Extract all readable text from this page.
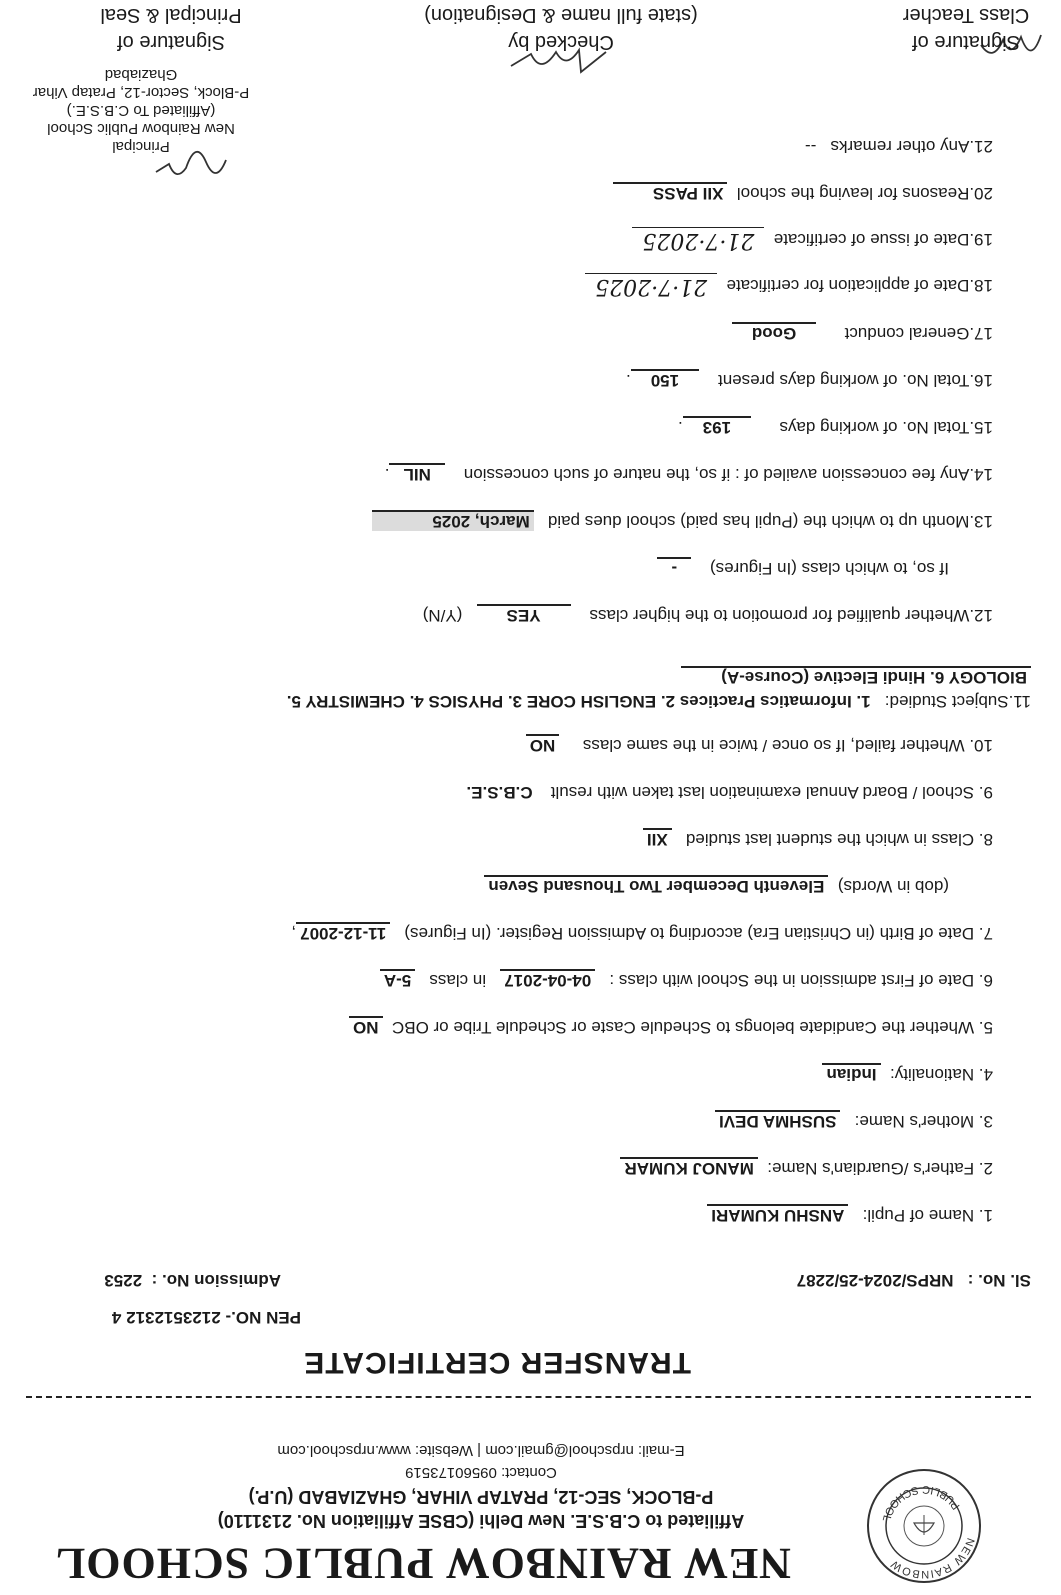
NEW RAINBOW
PUBLIC SCHOOL
NEW RAINBOW PUBLIC SCHOOL
Affiliated to C.B.S.E. New Delhi (CBSE Affiliation No. 2131110)
P-BLOCK, SEC-12, PRATAP VIHAR, GHAZIABAD (U.P.)
Contact: 09560173519
E-mail: nrpschool@gmail.com | Website: www.nrpschool.com
TRANSFER CERTIFICATE
PEN NO.- 2123512312 4
Sl. No. :   NRPS/2024-25/2287
Admission No. :  2253
1. Name of Pupil:   ANSHU KUMARI
2. Father's /Guardian's Name:  MANOJ KUMAR
3. Mother's Name:   SUSHMA DEVI
4. Nationality:  Indian
5. Whether the Candidate belongs to Schedule Caste or Schedule Tribe or OBC  NO
6. Date of First admission in the School with class :   04-04-2017   in class   5-A
7. Date of Birth (in Christian Era) according to Admission Register. (In Figures)   11-12-2007,
(dob in Words)  Eleventh December Two Thousand Seven
8. Class in which the student last studied   XII
9. School / Board Annual examination last taken with result   C.B.S.E.
10. Whether failed, If so once / twice in the same class     NO
11.Subject Studied:   1. Informatics Practices 2. ENGLISH CORE 3. PHYSICS 4. CHEMISTRY 5.
BIOLOGY 6. Hindi Elective (Course-A)
12.Whether qualified for promotion to the higher class    YES   (Y/N)
If so, to which class (In Figures)    -
13.Month up to which the (Pupil has paid) school dues paid   March, 2025
14.Any fee concession availed of : if so, the nature of such concession    NIL.
15.Total No. of working days      193.
16.Total No. of working days present    150.
17.General conduct      Good
18.Date of application for certificate  21·7·2025
19.Date of issue of certificate  21·7·2025
20.Reasons for leaving the school  XII PASS
21.Any other remarks   --
Principal
New Rainbow Public School
(Affiliated To C.B.S.E.)
P-Block, Sector-12, Pratap Vihar
Ghaziabad
Signature of
Class Teacher
Checked by
(state full name & Designation)
Signature of
Principal & Seal
